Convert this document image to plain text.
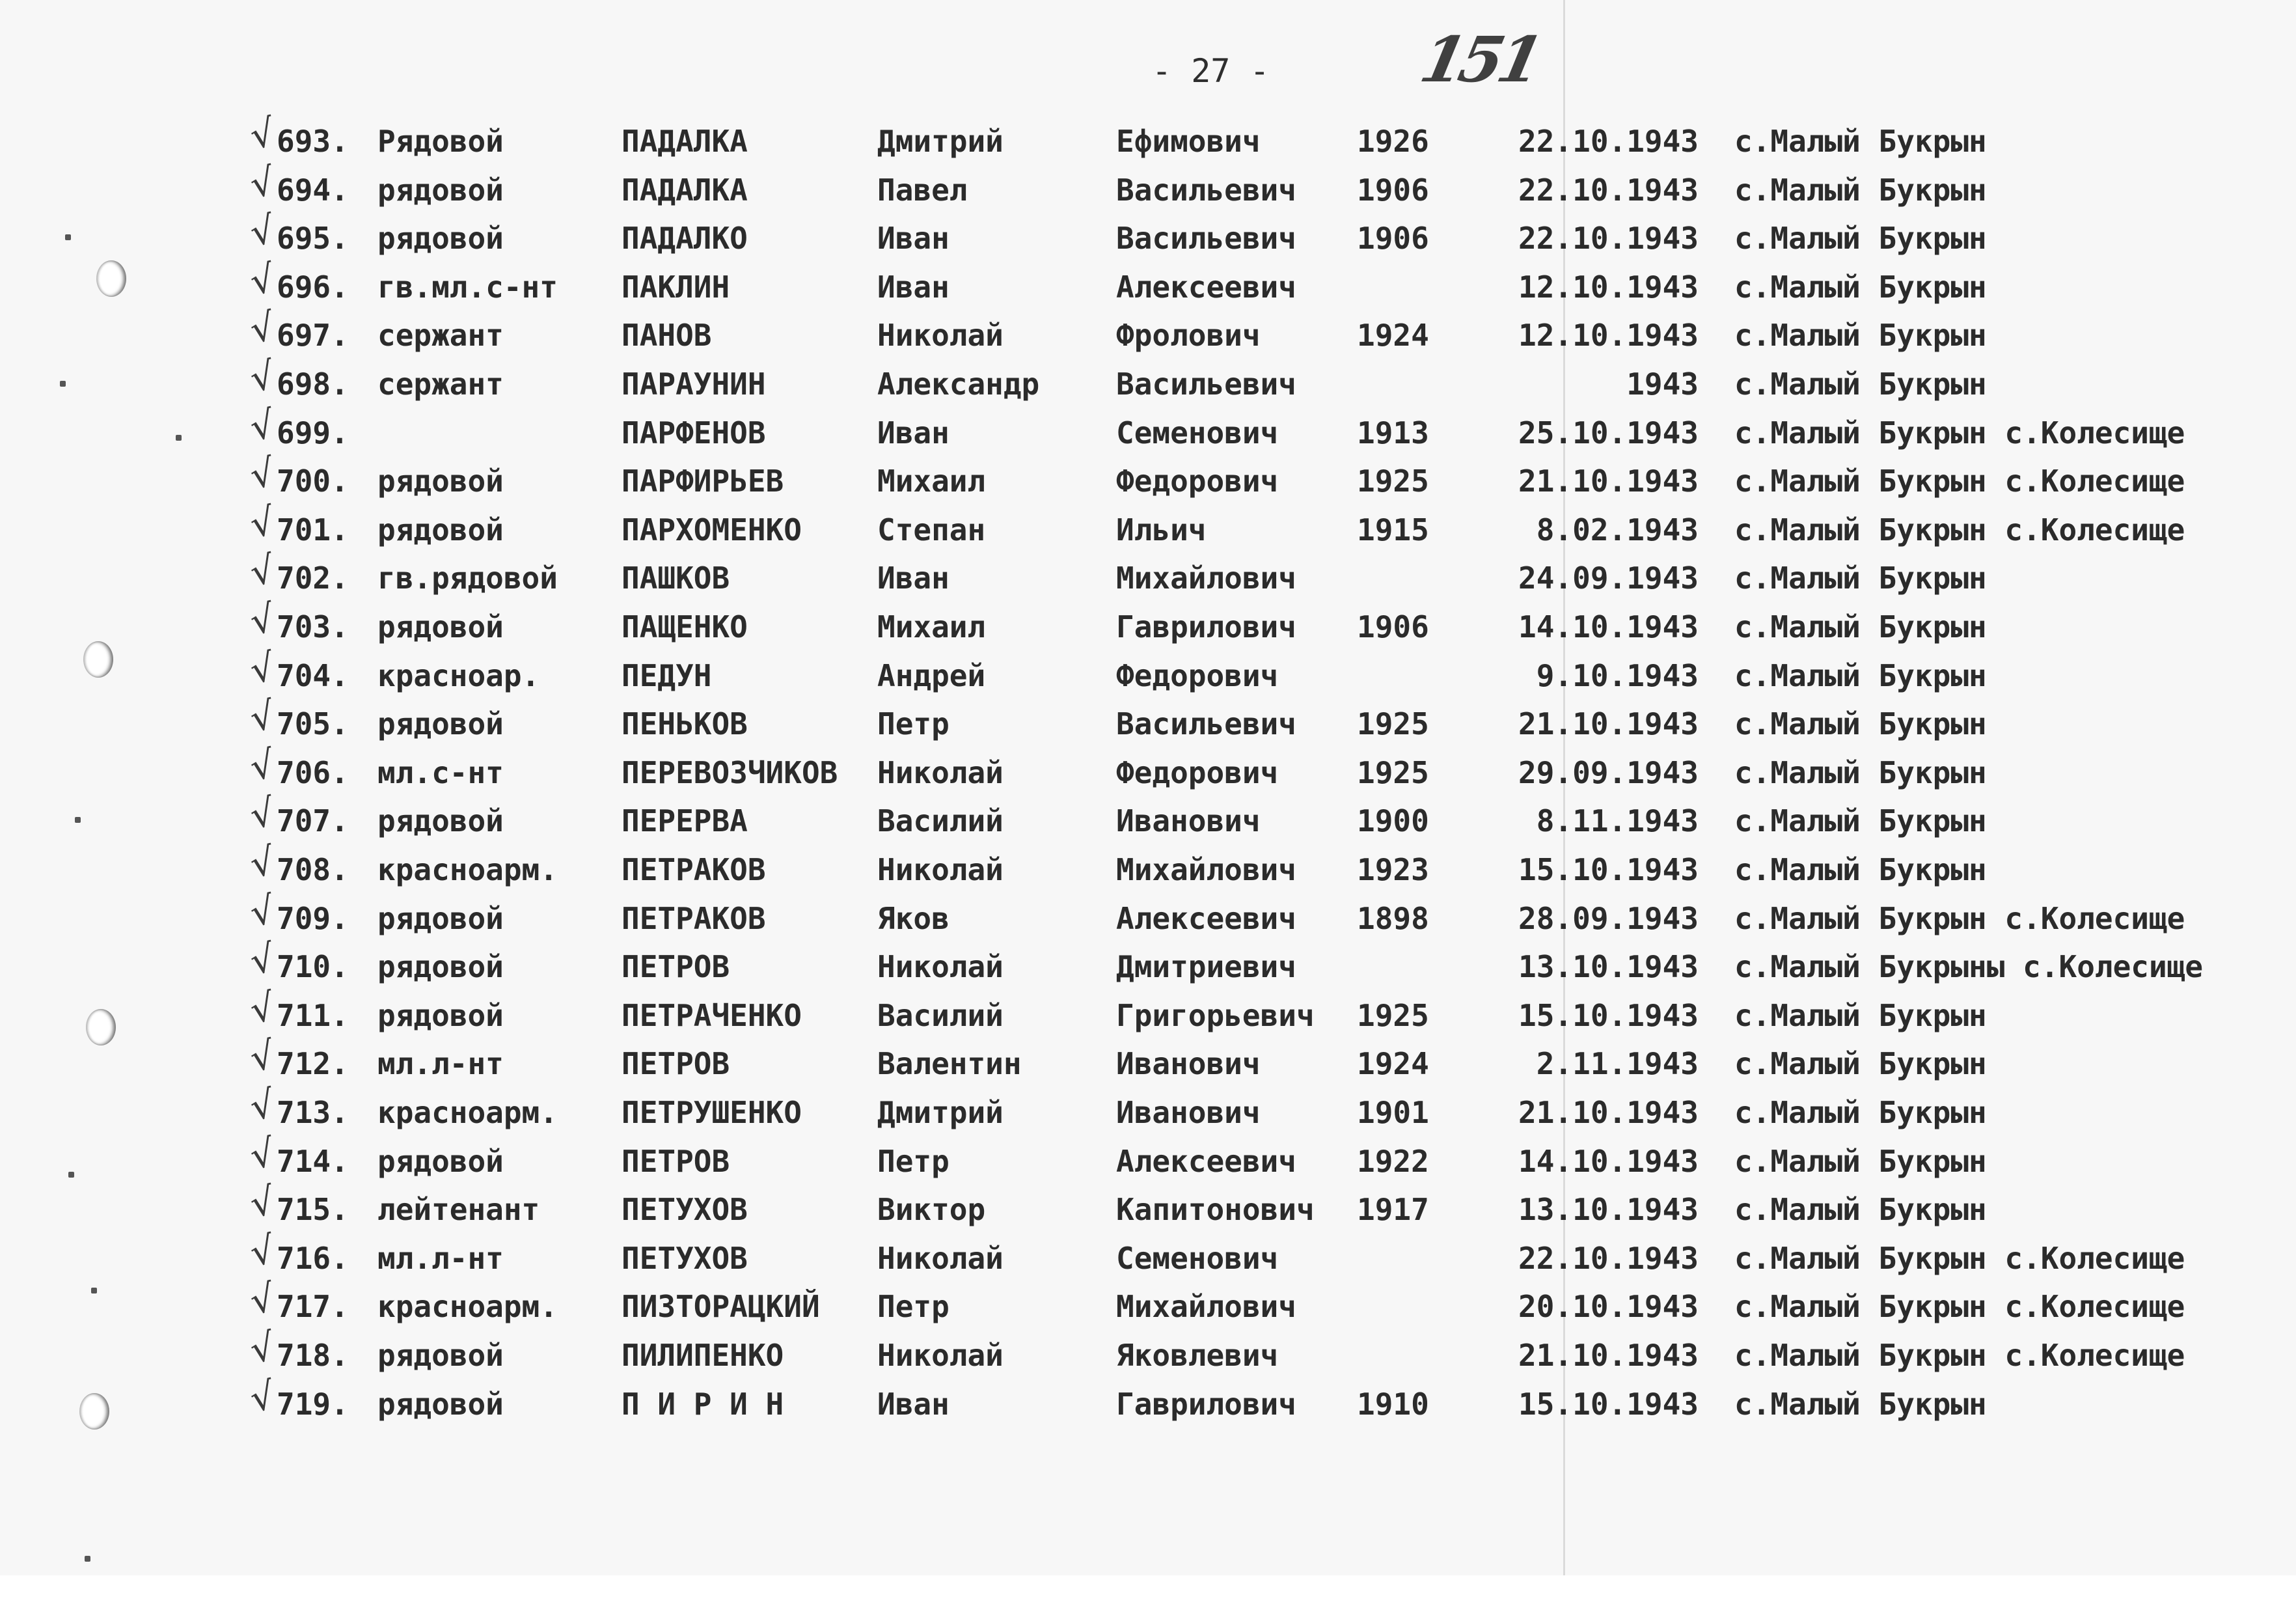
- 27 - 151
√
693. Рядовой	ПАДАЛКА	Дмитрий	Ефимович	1926	22.10.1943 с.Малый Букрын
√
694. рядовой	ПАДАЛКА	Павел	Васильевич 1906	22.10.1943 с.Малый Букрын
√
695. рядовой	ПАДАЛКО	Иван	Васильевич 1906	22.10.1943 с.Малый Букрын
√
696. гв.мл.с-нт ПАКЛИН	Иван	Алексеевич	12.10.1943 с.Малый Букрын
√
697. сержант	ПАНОВ	Николай	Фролович	1924	12.10.1943 с.Малый Букрын
√
698. сержант	ПАРАУНИН	Александр	Васильевич	1943 с.Малый Букрын
√
699.	ПАРФЕНОВ	Иван	Семенович	1913	25.10.1943 с.Малый Букрын с.Колесище
√
700. рядовой	ПАРФИРЬЕВ	Михаил	Федорович	1925	21.10.1943 с.Малый Букрын с.Колесище
√
701. рядовой	ПАРХОМЕНКО	Степан	Ильич	1915	8.02.1943 с.Малый Букрын с.Колесище
√
702. гв.рядовой ПАШКОВ	Иван	Михайлович	24.09.1943 с.Малый Букрын
√
703. рядовой	ПАЩЕНКО	Михаил	Гаврилович 1906	14.10.1943 с.Малый Букрын
√
704. красноар.	ПЕДУН	Андрей	Федорович	9.10.1943 с.Малый Букрын
√
705. рядовой	ПЕНЬКОВ	Петр	Васильевич 1925	21.10.1943 с.Малый Букрын
√
706. мл.с-нт	ПЕРЕВОЗЧИКОВ Николай	Федорович	1925	29.09.1943 с.Малый Букрын
√
707. рядовой	ПЕРЕРВА	Василий	Иванович	1900	8.11.1943 с.Малый Букрын
√
708. красноарм. ПЕТРАКОВ	Николай	Михайлович 1923	15.10.1943 с.Малый Букрын
√
709. рядовой	ПЕТРАКОВ	Яков	Алексеевич 1898	28.09.1943 с.Малый Букрын с.Колесище
√
710. рядовой	ПЕТРОВ	Николай	Дмитриевич	13.10.1943 с.Малый Букрыны с.Колесище
√
711. рядовой	ПЕТРАЧЕНКО	Василий	Григорьевич 1925	15.10.1943 с.Малый Букрын
√
712. мл.л-нт	ПЕТРОВ	Валентин	Иванович	1924	2.11.1943 с.Малый Букрын
√
713. красноарм. ПЕТРУШЕНКО	Дмитрий	Иванович	1901	21.10.1943 с.Малый Букрын
√
714. рядовой	ПЕТРОВ	Петр	Алексеевич 1922	14.10.1943 с.Малый Букрын
√
715. лейтенант	ПЕТУХОВ	Виктор	Капитонович 1917	13.10.1943 с.Малый Букрын
√
716. мл.л-нт	ПЕТУХОВ	Николай	Семенович	22.10.1943 с.Малый Букрын с.Колесище
√
717. красноарм. ПИЗТОРАЦКИЙ Петр	Михайлович	20.10.1943 с.Малый Букрын с.Колесище
√
718. рядовой	ПИЛИПЕНКО	Николай	Яковлевич	21.10.1943 с.Малый Букрын с.Колесище
√
719. рядовой	П И Р И Н	Иван	Гаврилович 1910	15.10.1943 с.Малый Букрын
